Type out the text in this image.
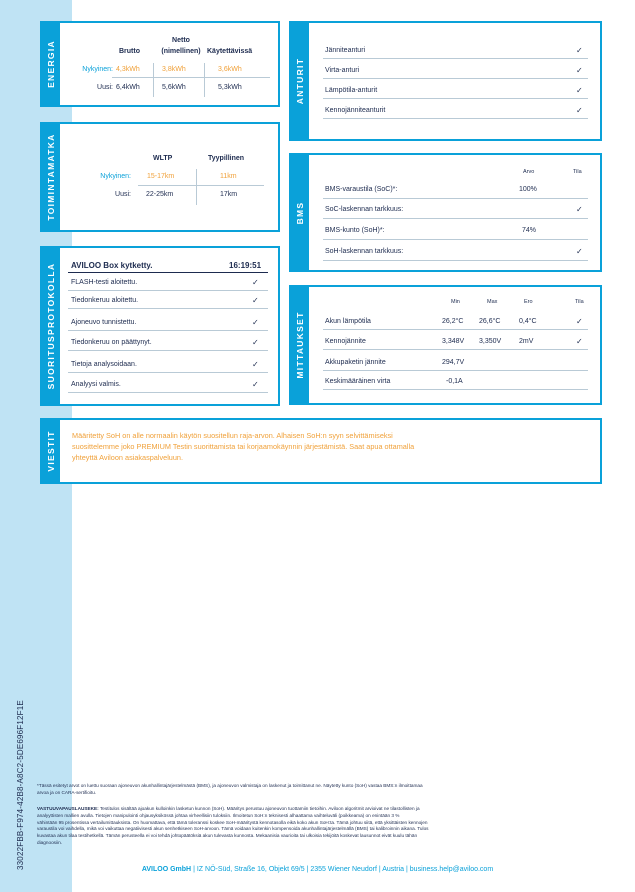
33022FBB-F974-42B8-A8C2-5DE696F12F1E
ENERGIA	Netto
Brutto	(nimellinen) Käytettävissä
Nykyinen: 4,3kWh	3,8kWh	3,6kWh
Uusi: 6,4kWh	5,6kWh	5,3kWh
TOIMINTAMATKA	WLTP	Tyypillinen
Nykyinen: 15-17km	11km
Uusi: 22-25km	17km
SUORITUSPROTOKOLLA AVILOO Box kytketty.	16:19:51
FLASH-testi aloitettu.	✓
Tiedonkeruu aloitettu.	✓
Ajoneuvo tunnistettu.	✓
Tiedonkeruu on päättynyt.	✓
Tietoja analysoidaan.	✓
Analyysi valmis.	✓
ANTURIT
Jänniteanturi	✓
Virta-anturi	✓
Lämpötila-anturit	✓
Kennojänniteanturit	✓
BMS
Arvo	Tila
BMS-varaustila (SoC)*:	100%
SoC-laskennan tarkkuus:	✓
BMS-kunto (SoH)*:	74%
SoH-laskennan tarkkuus:	✓
MITTAUKSET
Min	Max	Ero	Tila
Akun lämpötila	26,2°C 26,6°C	0,4°C	✓
Kennojännite	3,348V 3,350V	2mV	✓
Akkupaketin jännite	294,7V
Keskimääräinen virta	-0,1A
VIESTIT Määritetty SoH on alle normaalin käytön suositellun raja-arvon. Alhaisen SoH:n syyn selvittämiseksi
suosittelemme joko PREMIUM Testin suorittamista tai korjaamokäynnin järjestämistä. Saat apua ottamalla
yhteyttä Aviloon asiakaspalveluun.
*Tässä esitetyt arvot on luettu suoraan ajoneuvon akunhallintajärjestelmästä (BMS), ja ajoneuvon valmistaja on laskenut ja toimittanut ne. Näytetty kunto (SoH) vastaa BMS:n ilmoittamaa
arvoa ja on CARA-sertifioitu.
VASTUUVAPAUSLAUSEKE: Testitulos sisältää ajoakun kulloinkin lasketun kunnon (SoH). Määritys perustuu ajoneuvon tuottamiin tietoihin. Aviloon algoritmit arvioivat ne tilastollisten ja
analyyttisten mallien avulla. Tietojen manipulointi ohjausyksikössä johtaa virheellisiin tuloksiin. Ilmoitetun SoH:n teknisesti alhaattama vaihteluväli (poikkeama) on enintään 3 %
vähintään 95 prosentissa vertailumittauksista. On huomattava, että tämä toleranssi koskee SoH-määritystä kennotasolla eikä koko akun SoH:ta. Tämä johtuu siitä, että yksittäisten kennojen
varaustila voi vaihdella, mikä voi vaikuttaa negatiivisesti akun senhetkiseen SoH-arvoon. Tämä voidaan kuitenkin kompensoida akunhallintajärjestelmällä (BMS) tai kalibroinnin aikana. Tulos
kuvastaa akun tilaa testihetkellä. Tämän perusteella ei voi tehdä johtopäätöksiä akun tulevasta kunnosta. Mekaanisia vaurioita tai ulkoisia tekijöitä koskevat lausunnot eivät kuulu tähän
diagnoosiin.
AVILOO GmbH | IZ NÖ-Süd, Straße 16, Objekt 69/5 | 2355 Wiener Neudorf | Austria | business.help@aviloo.com
